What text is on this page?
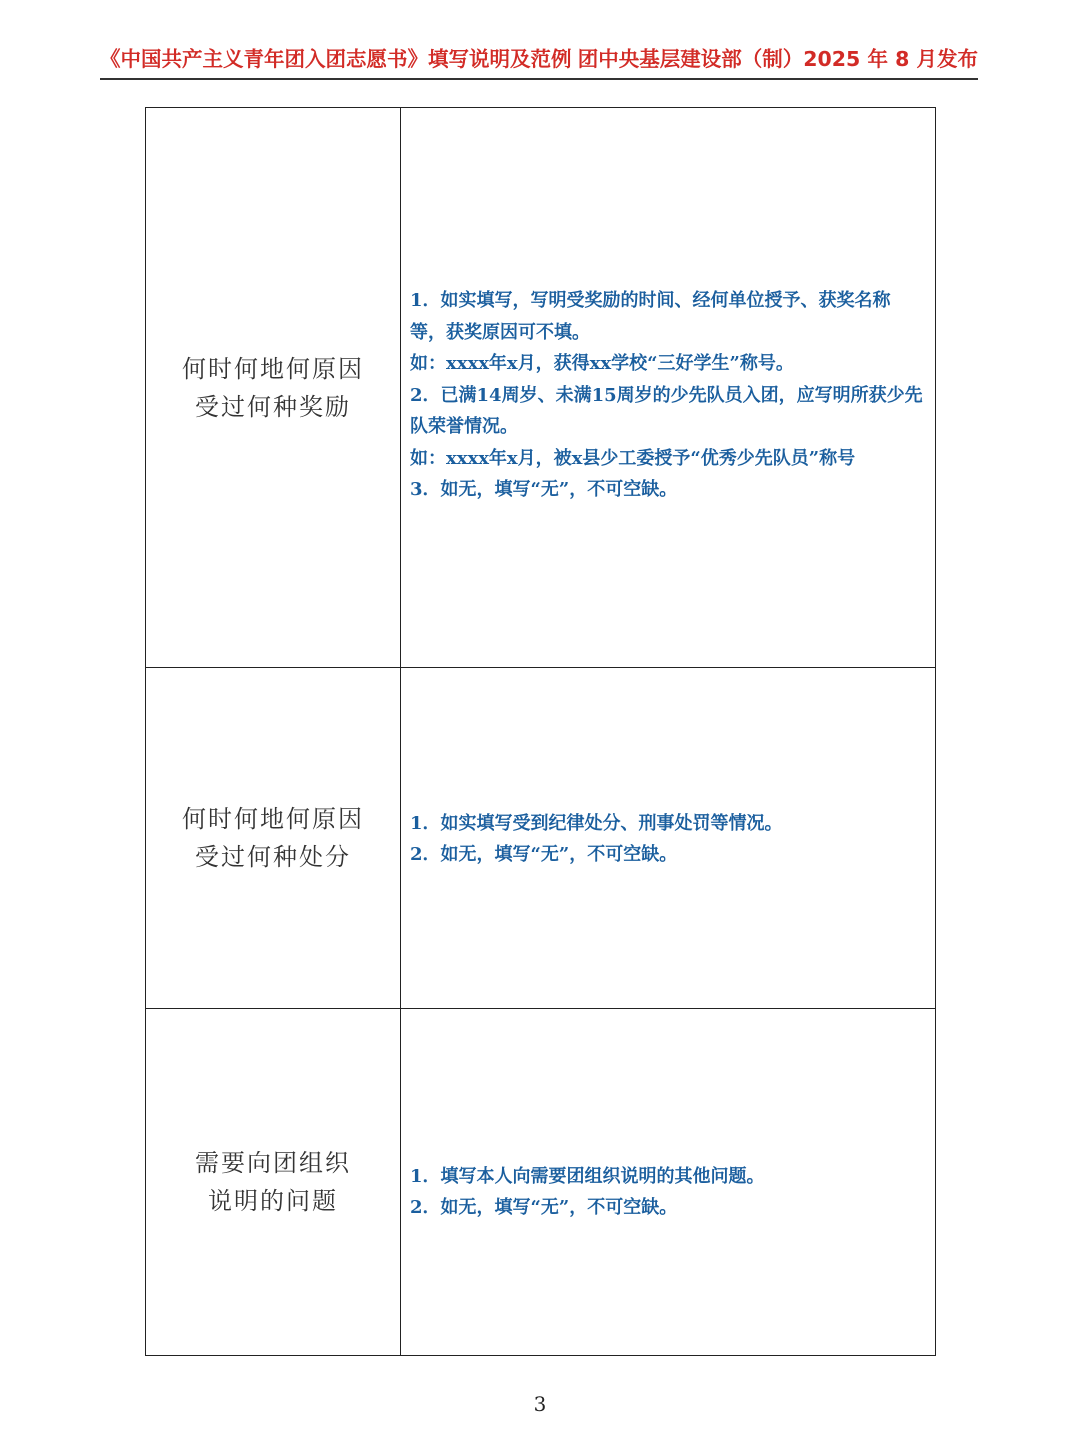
《中国共产主义青年团入团志愿书》填写说明及范例 团中央基层建设部（制）2025 年 8 月发布
何时何地何原因
受过何种奖励

1．如实填写，写明受奖励的时间、经何单位授予、获奖名称等，获奖原因可不填。

如：xxxx年x月，获得xx学校“三好学生”称号。

2．已满14周岁、未满15周岁的少先队员入团，应写明所获少先队荣誉情况。

如：xxxx年x月，被x县少工委授予“优秀少先队员”称号

3．如无，填写“无”，不可空缺。

何时何地何原因
受过何种处分

1．如实填写受到纪律处分、刑事处罚等情况。

2．如无，填写“无”，不可空缺。

需要向团组织
说明的问题

1．填写本人向需要团组织说明的其他问题。

2．如无，填写“无”，不可空缺。

3
